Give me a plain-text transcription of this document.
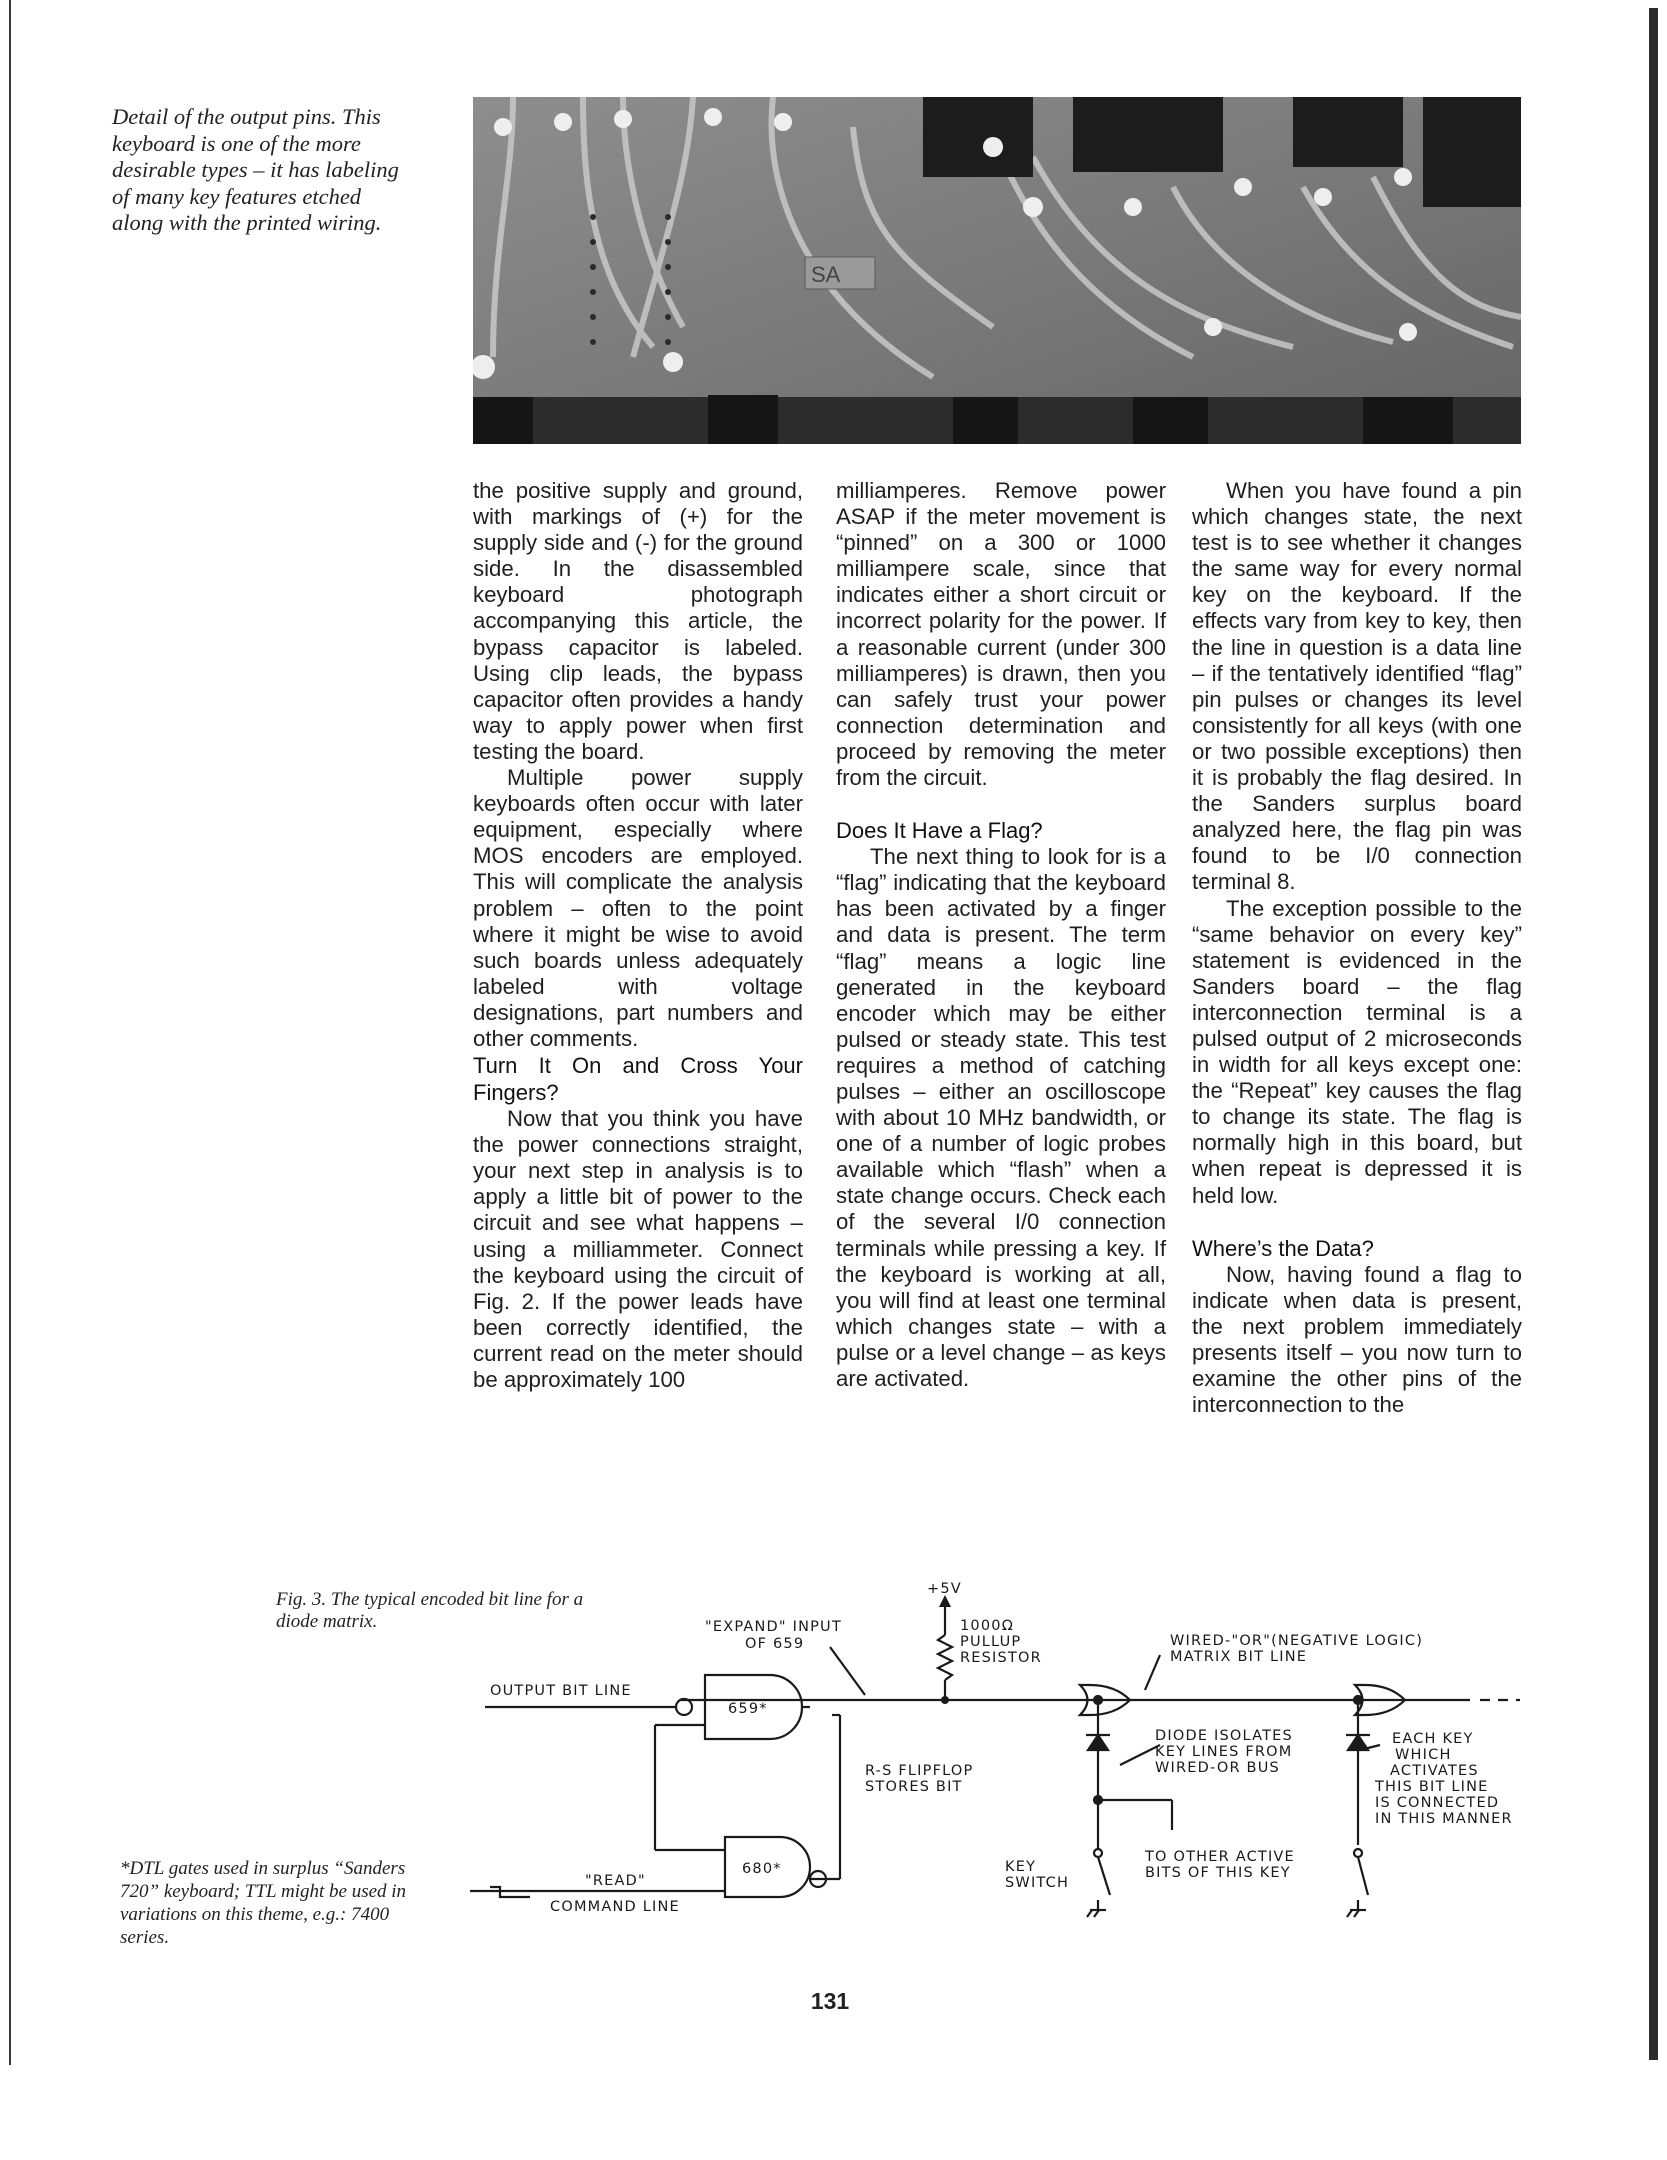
Detail of the output pins. This keyboard is one of the more desirable types – it has labeling of many key features etched along with the printed wiring.
SA

the positive supply and ground, with markings of (+) for the supply side and (-) for the ground side. In the disassembled keyboard photograph accompanying this article, the bypass capacitor is labeled. Using clip leads, the bypass capacitor often provides a handy way to apply power when first testing the board.

Multiple power supply keyboards often occur with later equipment, especially where MOS encoders are employed. This will complicate the analysis problem – often to the point where it might be wise to avoid such boards unless adequately labeled with voltage designations, part numbers and other comments.

Turn It On and Cross Your Fingers?

Now that you think you have the power connections straight, your next step in analysis is to apply a little bit of power to the circuit and see what happens – using a milliammeter. Connect the keyboard using the circuit of Fig. 2. If the power leads have been correctly identified, the current read on the meter should be approximately 100

milliamperes. Remove power ASAP if the meter movement is “pinned” on a 300 or 1000 milliampere scale, since that indicates either a short circuit or incorrect polarity for the power. If a reasonable current (under 300 milliamperes) is drawn, then you can safely trust your power connection determination and proceed by removing the meter from the circuit.

Does It Have a Flag?

The next thing to look for is a “flag” indicating that the keyboard has been activated by a finger and data is present. The term “flag” means a logic line generated in the keyboard encoder which may be either pulsed or steady state. This test requires a method of catching pulses – either an oscilloscope with about 10 MHz bandwidth, or one of a number of logic probes available which “flash” when a state change occurs. Check each of the several I/0 connection terminals while pressing a key. If the keyboard is working at all, you will find at least one terminal which changes state – with a pulse or a level change – as keys are activated.

When you have found a pin which changes state, the next test is to see whether it changes the same way for every normal key on the keyboard. If the effects vary from key to key, then the line in question is a data line – if the tentatively identified “flag” pin pulses or changes its level consistently for all keys (with one or two possible exceptions) then it is probably the flag desired. In the Sanders surplus board analyzed here, the flag pin was found to be I/0 connection terminal 8.

The exception possible to the “same behavior on every key” statement is evidenced in the Sanders board – the flag interconnection terminal is a pulsed output of 2 microseconds in width for all keys except one: the “Repeat” key causes the flag to change its state. The flag is normally high in this board, but when repeat is depressed it is held low.

Where’s the Data?

Now, having found a flag to indicate when data is present, the next problem immediately presents itself – you now turn to examine the other pins of the interconnection to the

Fig. 3. The typical encoded bit line for a diode matrix.
*DTL gates used in surplus “Sanders 720” keyboard; TTL might be used in variations on this theme, e.g.: 7400 series.
+5V
"EXPAND" INPUT
OF 659
1000Ω
PULLUP
RESISTOR
WIRED-"OR"(NEGATIVE LOGIC)
MATRIX BIT LINE
OUTPUT BIT LINE
659*
680*
R-S FLIPFLOP
STORES BIT
DIODE ISOLATES
KEY LINES FROM
WIRED-OR BUS
EACH KEY
WHICH
ACTIVATES
THIS BIT LINE
IS CONNECTED
IN THIS MANNER
"READ"
COMMAND LINE
KEY
SWITCH
TO OTHER ACTIVE
BITS OF THIS KEY
131
